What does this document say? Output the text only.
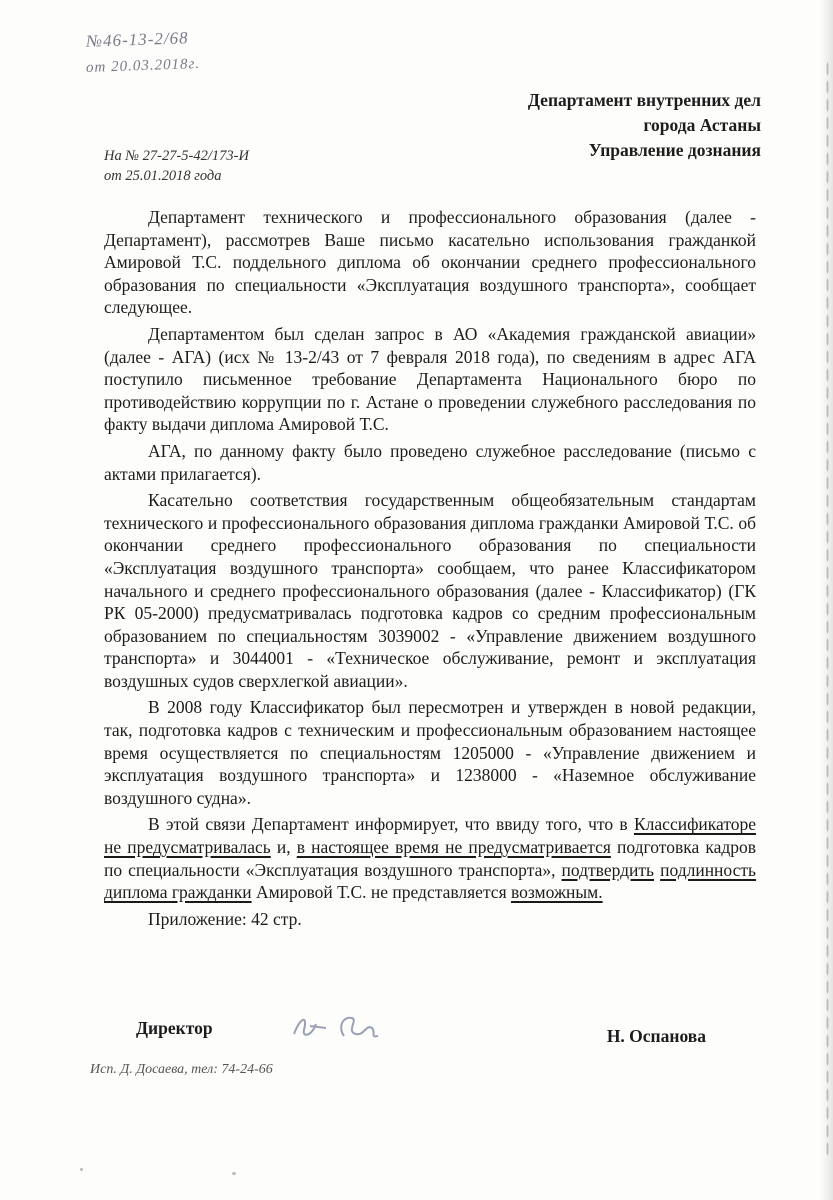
№46-13-2/68
от 20.03.2018г.
Департамент внутренних дел
города Астаны
Управление дознания
На № 27-27-5-42/173-И
от 25.01.2018 года

Департамент технического и профессионального образования (далее - Департамент), рассмотрев Ваше письмо касательно использования гражданкой Амировой Т.С. поддельного диплома об окончании среднего профессионального образования по специальности «Эксплуатация воздушного транспорта», сообщает следующее.

Департаментом был сделан запрос в АО «Академия гражданской авиации» (далее - АГА) (исх № 13-2/43 от 7 февраля 2018 года), по сведениям в адрес АГА поступило письменное требование Департамента Национального бюро по противодействию коррупции по г. Астане о проведении служебного расследования по факту выдачи диплома Амировой Т.С.

АГА, по данному факту было проведено служебное расследование (письмо с актами прилагается).

Касательно соответствия государственным общеобязательным стандартам технического и профессионального образования диплома гражданки Амировой Т.С. об окончании среднего профессионального образования по специальности «Эксплуатация воздушного транспорта» сообщаем, что ранее Классификатором начального и среднего профессионального образования (далее - Классификатор) (ГК РК 05-2000) предусматривалась подготовка кадров со средним профессиональным образованием по специальностям 3039002 - «Управление движением воздушного транспорта» и 3044001 - «Техническое обслуживание, ремонт и эксплуатация воздушных судов сверхлегкой авиации».

В 2008 году Классификатор был пересмотрен и утвержден в новой редакции, так, подготовка кадров с техническим и профессиональным образованием настоящее время осуществляется по специальностям 1205000 - «Управление движением и эксплуатация воздушного транспорта» и 1238000 - «Наземное обслуживание воздушного судна».

В этой связи Департамент информирует, что ввиду того, что в Классификаторе не предусматривалась и, в настоящее время не предусматривается подготовка кадров по специальности «Эксплуатация воздушного транспорта», подтвердить подлинность диплома гражданки Амировой Т.С. не представляется возможным.

Приложение: 42 стр.

Директор	Н. Оспанова
Исп. Д. Досаева, тел: 74-24-66
